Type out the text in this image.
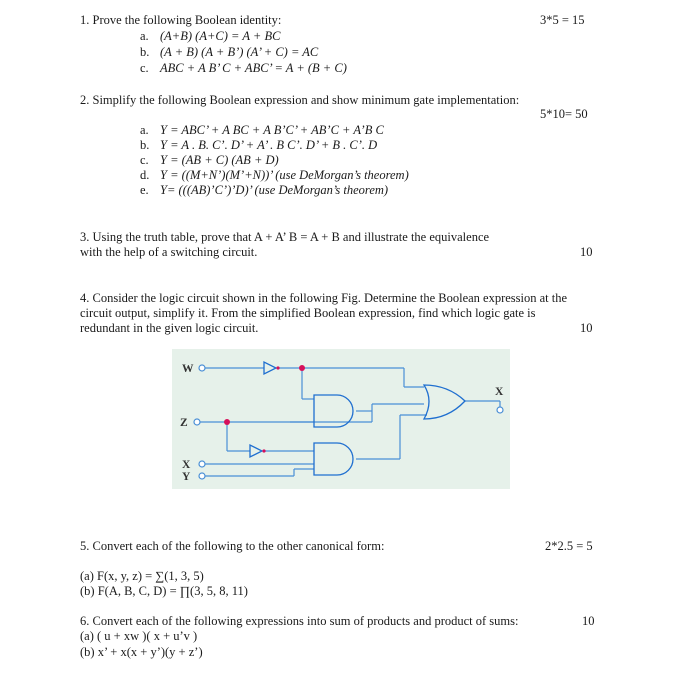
1. Prove the following Boolean identity:	3*5 = 15
a. (A+B) (A+C) = A + BC
b. (A + B) (A + B’) (A’ + C) = AC
c. ABC + A B’ C + ABC’ = A + (B + C)
2. Simplify the following Boolean expression and show minimum gate implementation:
5*10= 50
a. Y = ABC’ + A BC + A B’C’ + AB’C + A’B C
b. Y = A . B. C’. D’ + A’ . B C’. D’ + B . C’. D
c. Y = (AB + C) (AB + D)
d. Y = ((M+N’)(M’+N))’ (use DeMorgan’s theorem)
e. Y= (((AB)’C’)’D)’ (use DeMorgan’s theorem)
3. Using the truth table, prove that A + A’ B = A + B and illustrate the equivalence
with the help of a switching circuit.	10
4. Consider the logic circuit shown in the following Fig. Determine the Boolean expression at the
circuit output, simplify it. From the simplified Boolean expression, find which logic gate is
redundant in the given logic circuit.	10
W
Z
X
Y
X
5. Convert each of the following to the other canonical form:	2*2.5 = 5
(a) F(x, y, z) = ∑(1, 3, 5)
(b) F(A, B, C, D) = ∏(3, 5, 8, 11)
6. Convert each of the following expressions into sum of products and product of sums:	10
(a) ( u + xw )( x + u’v )
(b) x’ + x(x + y’)(y + z’)
